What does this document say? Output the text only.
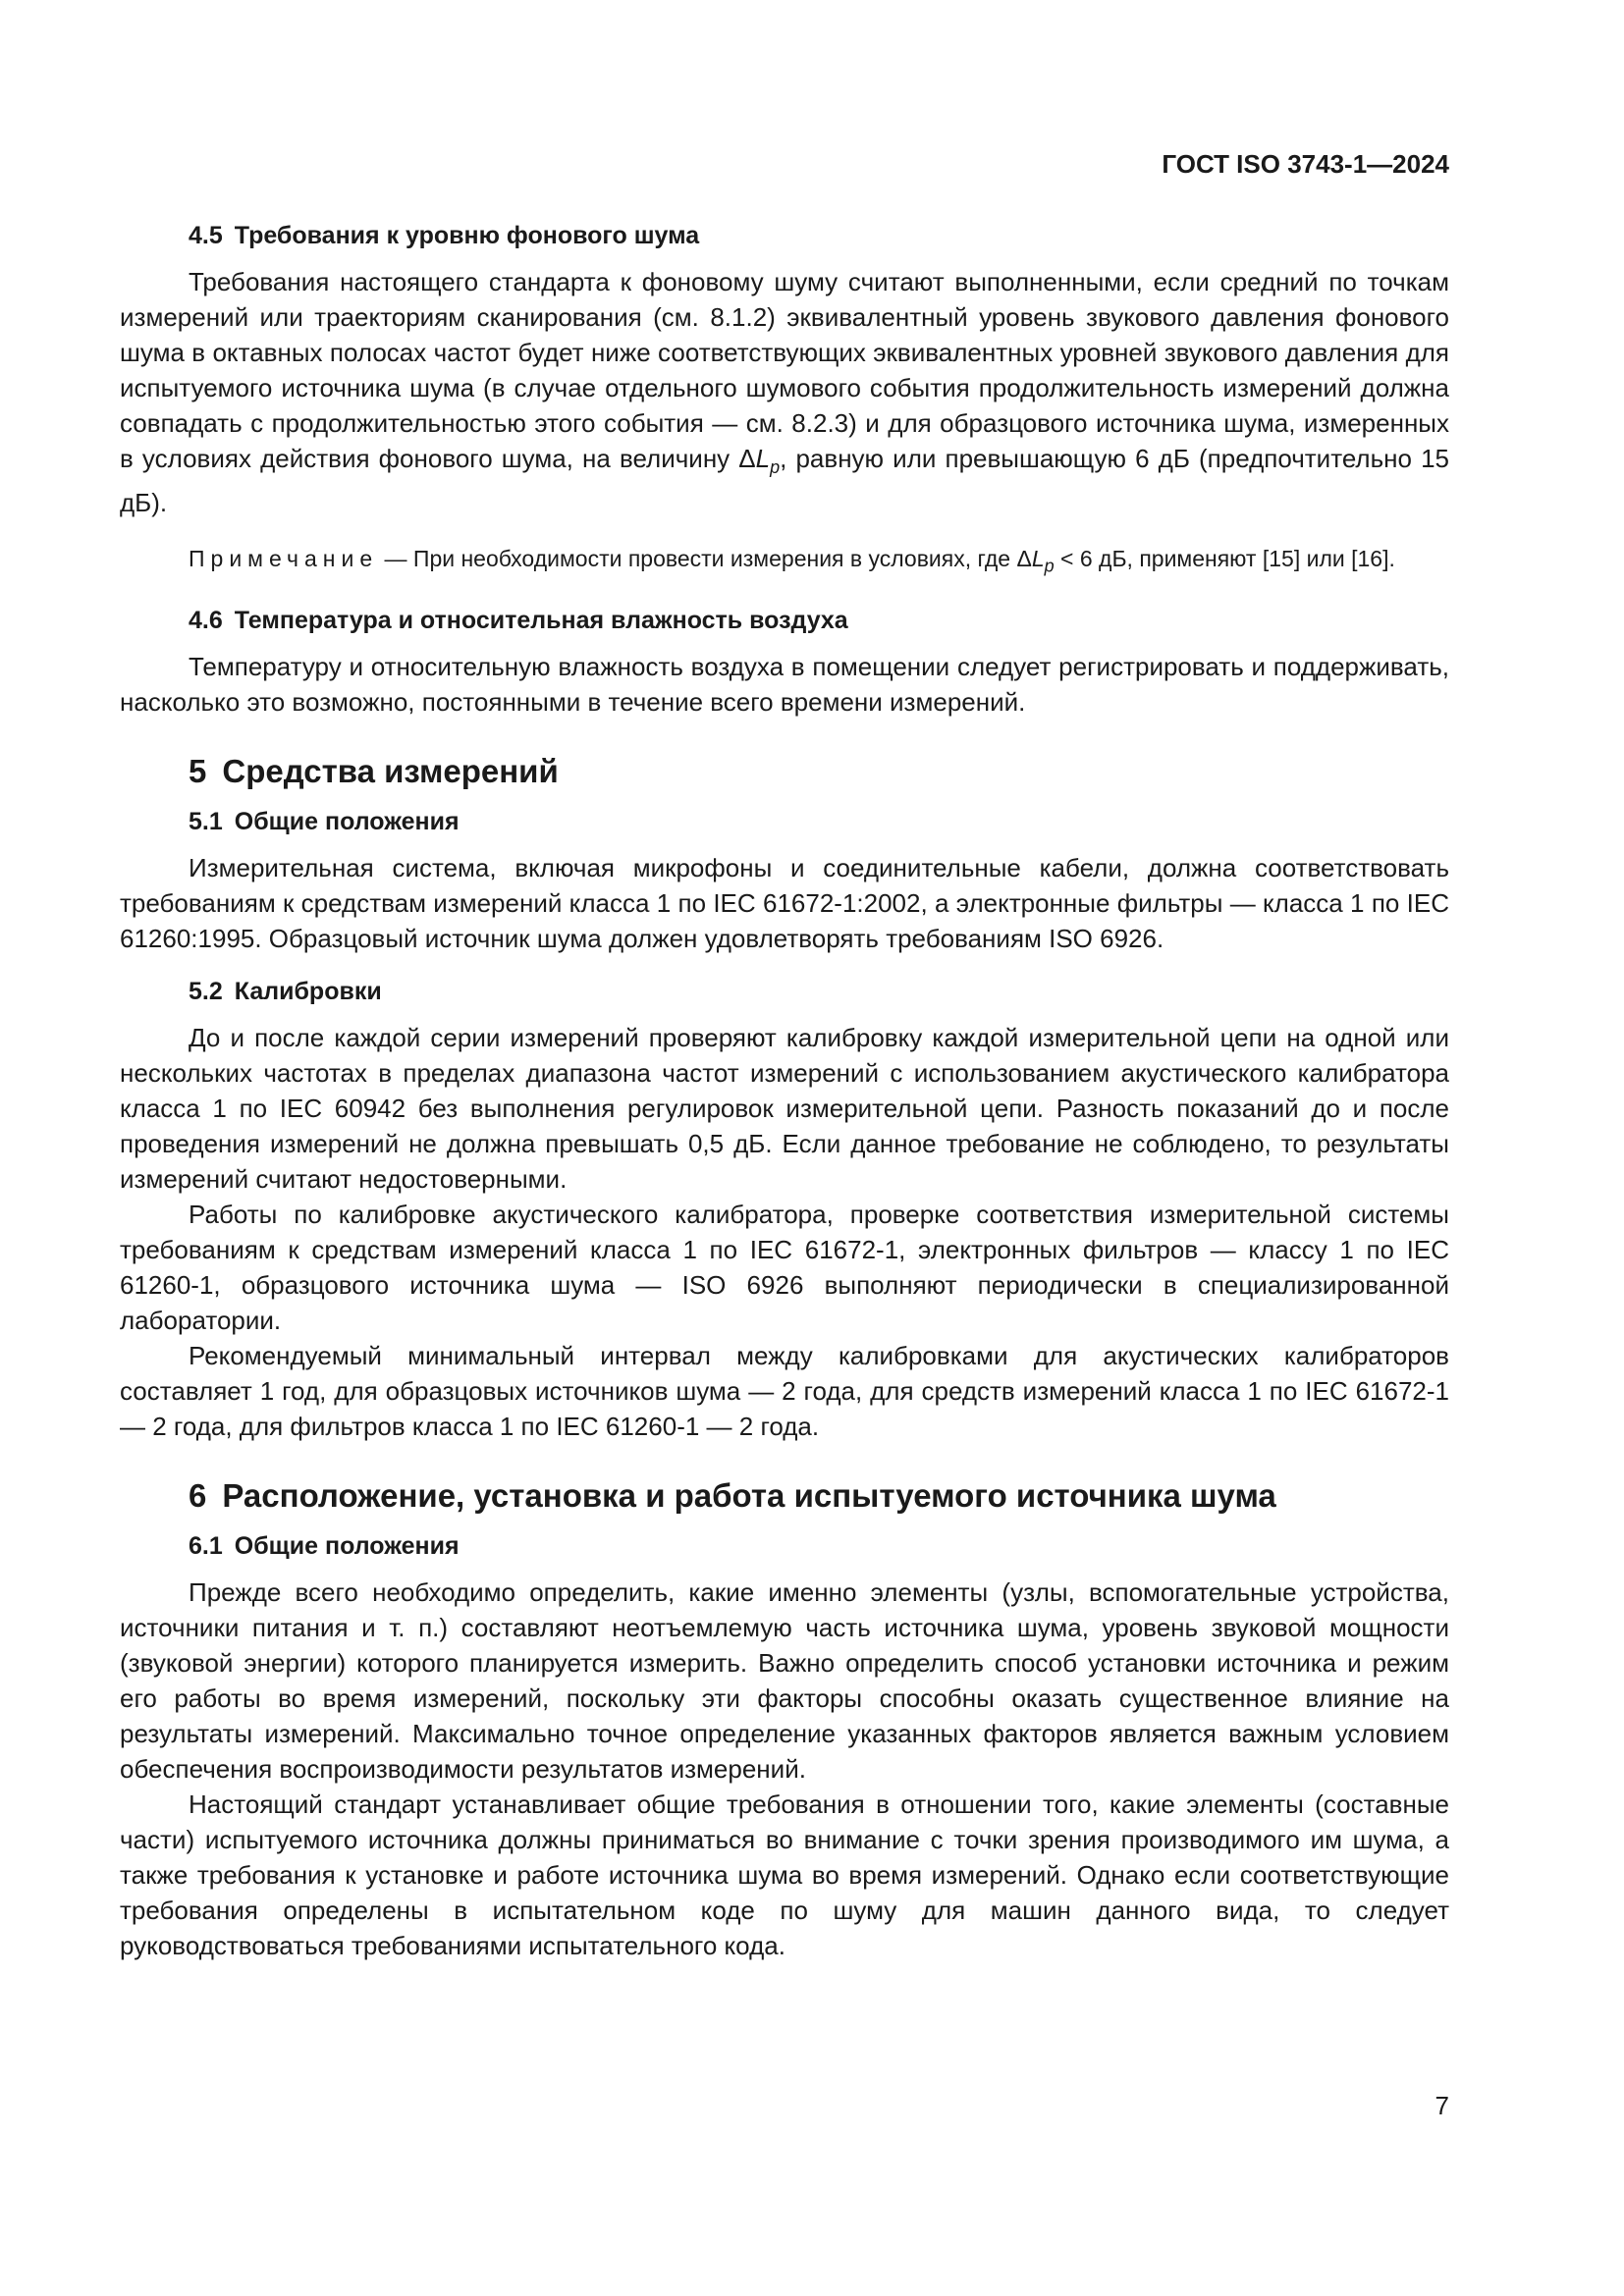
ГОСТ ISO 3743-1—2024
4.5 Требования к уровню фонового шума

Требования настоящего стандарта к фоновому шуму считают выполненными, если средний по точкам измерений или траекториям сканирования (см. 8.1.2) эквивалентный уровень звукового давления фонового шума в октавных полосах частот будет ниже соответствующих эквивалентных уровней звукового давления для испытуемого источника шума (в случае отдельного шумового события продолжительность измерений должна совпадать с продолжительностью этого события — см. 8.2.3) и для образцового источника шума, измеренных в условиях действия фонового шума, на величину $\Delta L_p$, равную или превышающую 6 дБ (предпочтительно 15 дБ).

Примечание — При необходимости провести измерения в условиях, где $\Delta L_p < 6$ дБ, применяют [15] или [16].

4.6 Температура и относительная влажность воздуха

Температуру и относительную влажность воздуха в помещении следует регистрировать и поддерживать, насколько это возможно, постоянными в течение всего времени измерений.

5 Средства измерений
5.1 Общие положения

Измерительная система, включая микрофоны и соединительные кабели, должна соответствовать требованиям к средствам измерений класса 1 по IEC 61672-1:2002, а электронные фильтры — класса 1 по IEC 61260:1995. Образцовый источник шума должен удовлетворять требованиям ISO 6926.

5.2 Калибровки

До и после каждой серии измерений проверяют калибровку каждой измерительной цепи на одной или нескольких частотах в пределах диапазона частот измерений с использованием акустического калибратора класса 1 по IEC 60942 без выполнения регулировок измерительной цепи. Разность показаний до и после проведения измерений не должна превышать 0,5 дБ. Если данное требование не соблюдено, то результаты измерений считают недостоверными.

Работы по калибровке акустического калибратора, проверке соответствия измерительной системы требованиям к средствам измерений класса 1 по IEC 61672-1, электронных фильтров — классу 1 по IEC 61260-1, образцового источника шума — ISO 6926 выполняют периодически в специализированной лаборатории.

Рекомендуемый минимальный интервал между калибровками для акустических калибраторов составляет 1 год, для образцовых источников шума — 2 года, для средств измерений класса 1 по IEC 61672-1 — 2 года, для фильтров класса 1 по IEC 61260-1 — 2 года.

6 Расположение, установка и работа испытуемого источника шума
6.1 Общие положения

Прежде всего необходимо определить, какие именно элементы (узлы, вспомогательные устройства, источники питания и т. п.) составляют неотъемлемую часть источника шума, уровень звуковой мощности (звуковой энергии) которого планируется измерить. Важно определить способ установки источника и режим его работы во время измерений, поскольку эти факторы способны оказать существенное влияние на результаты измерений. Максимально точное определение указанных факторов является важным условием обеспечения воспроизводимости результатов измерений.

Настоящий стандарт устанавливает общие требования в отношении того, какие элементы (составные части) испытуемого источника должны приниматься во внимание с точки зрения производимого им шума, а также требования к установке и работе источника шума во время измерений. Однако если соответствующие требования определены в испытательном коде по шуму для машин данного вида, то следует руководствоваться требованиями испытательного кода.

7
